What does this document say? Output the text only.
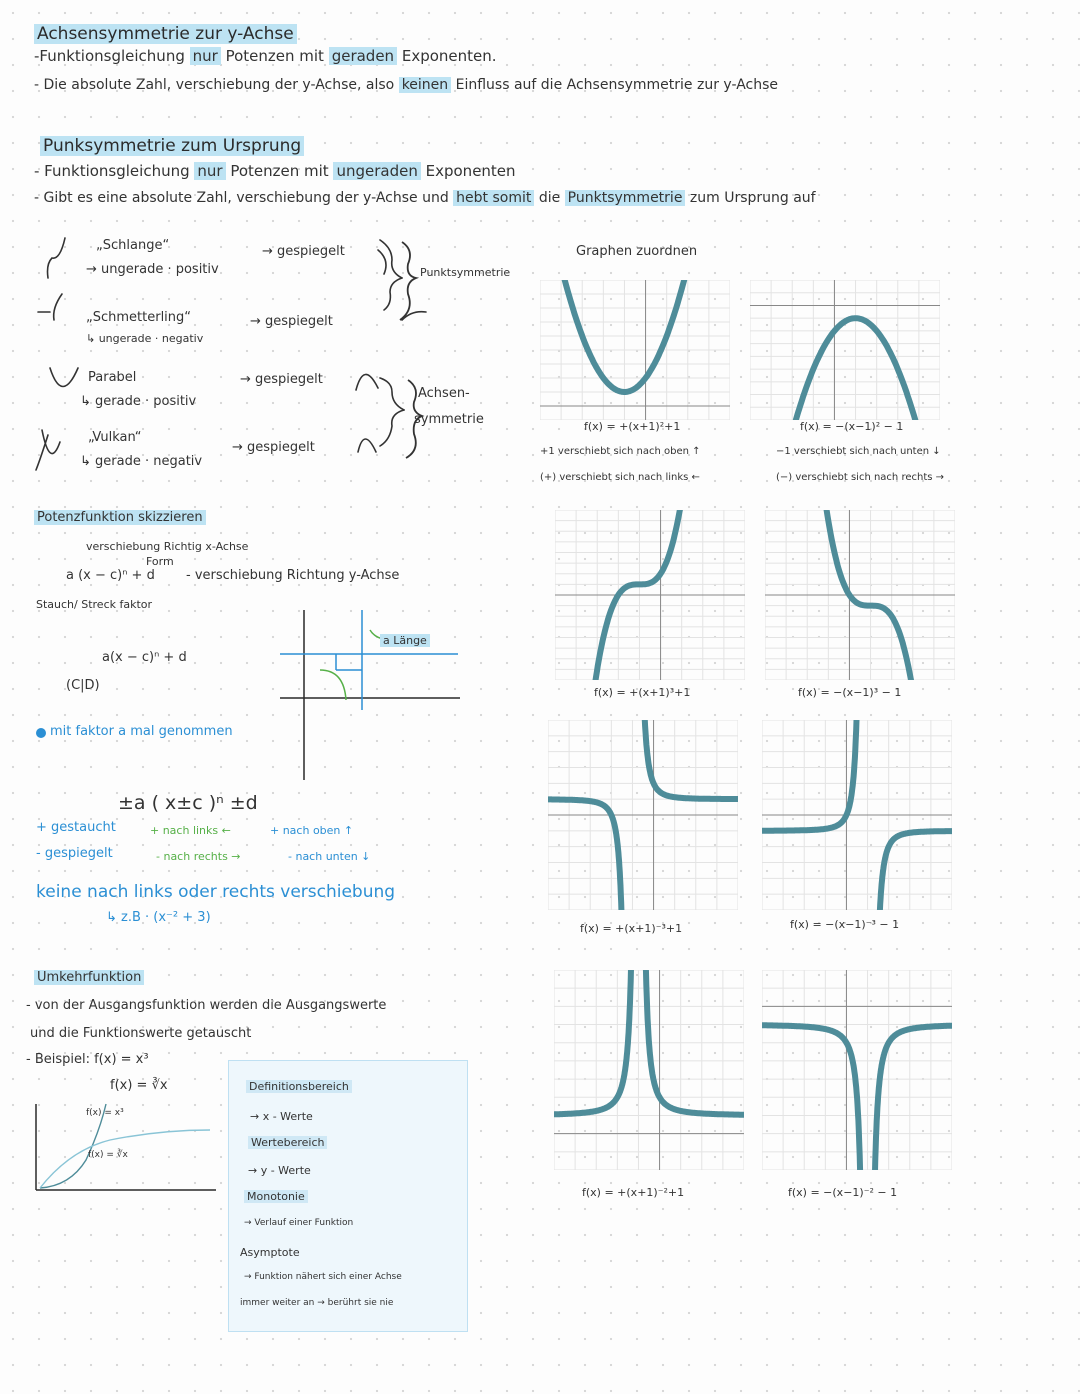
Achsensymmetrie zur y-Achse
-Funktionsgleichung nur Potenzen mit geraden Exponenten.
- Die absolute Zahl, verschiebung der y-Achse, also keinen Einfluss auf die Achsensymmetrie zur y-Achse
Punksymmetrie zum Ursprung
- Funktionsgleichung nur Potenzen mit ungeraden Exponenten
- Gibt es eine absolute Zahl, verschiebung der y-Achse und hebt somit die Punktsymmetrie zum Ursprung auf
„Schlange“
→ ungerade · positiv
→ gespiegelt
„Schmetterling“
↳ ungerade · negativ
→ gespiegelt
Punktsymmetrie
Parabel
↳ gerade · positiv
→ gespiegelt
„Vulkan“
↳ gerade · negativ
→ gespiegelt
Achsen-
symmetrie
Potenzfunktion skizzieren
verschiebung Richtig x-Achse
Form
a (x − c)ⁿ + d - verschiebung Richtung y-Achse
Stauch/ Streck faktor
a(x − c)ⁿ + d
(C|D)
a Länge
mit faktor a mal genommen
±a ( x±c )ⁿ ±d
+ gestaucht	+ nach links ←	+ nach oben ↑
- gespiegelt	- nach rechts →	- nach unten ↓
keine nach links oder rechts verschiebung
↳ z.B · (x⁻² + 3)
Umkehrfunktion
- von der Ausgangsfunktion werden die Ausgangswerte
und die Funktionswerte getauscht
- Beispiel: f(x) = x³
f(x) = ∛x
f(x) = x³
f(x) = ∛x
Definitionsbereich
→ x - Werte
Wertebereich
→ y - Werte
Monotonie
→ Verlauf einer Funktion
Asymptote
→ Funktion nähert sich einer Achse
immer weiter an → berührt sie nie
Graphen zuordnen
f(x) = +(x+1)²+1
+1 verschiebt sich nach oben ↑
(+) verschiebt sich nach links ←
f(x) = −(x−1)² − 1
−1 verschiebt sich nach unten ↓
(−) verschiebt sich nach rechts →
f(x) = +(x+1)³+1	f(x) = −(x−1)³ − 1
f(x) = +(x+1)⁻³+1	f(x) = −(x−1)⁻³ − 1
f(x) = +(x+1)⁻²+1	f(x) = −(x−1)⁻² − 1
